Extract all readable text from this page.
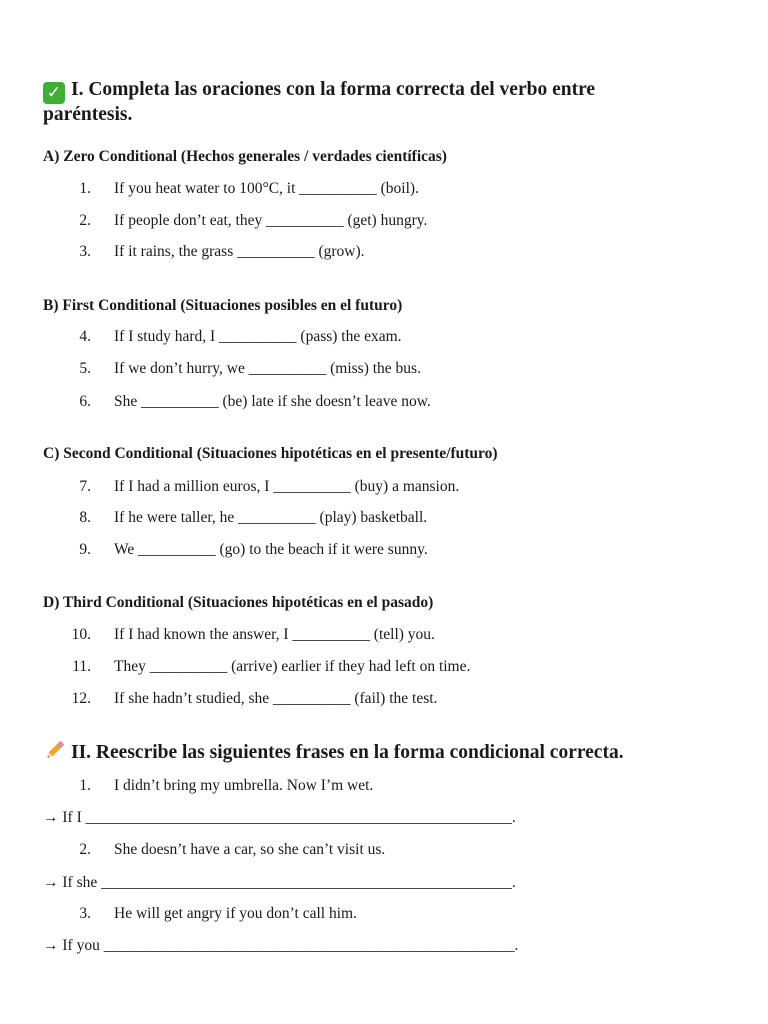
✓ I. Completa las oraciones con la forma correcta del verbo entre
paréntesis.
A) Zero Conditional (Hechos generales / verdades científicas)
1. If you heat water to 100°C, it __________ (boil).
2. If people don’t eat, they __________ (get) hungry.
3. If it rains, the grass __________ (grow).
B) First Conditional (Situaciones posibles en el futuro)
4. If I study hard, I __________ (pass) the exam.
5. If we don’t hurry, we __________ (miss) the bus.
6. She __________ (be) late if she doesn’t leave now.
C) Second Conditional (Situaciones hipotéticas en el presente/futuro)
7. If I had a million euros, I __________ (buy) a mansion.
8. If he were taller, he __________ (play) basketball.
9. We __________ (go) to the beach if it were sunny.
D) Third Conditional (Situaciones hipotéticas en el pasado)
10. If I had known the answer, I __________ (tell) you.
11. They __________ (arrive) earlier if they had left on time.
12. If she hadn’t studied, she __________ (fail) the test.
II. Reescribe las siguientes frases en la forma condicional correcta.
1. I didn’t bring my umbrella. Now I’m wet.
→ If I _______________________________________________________.
2. She doesn’t have a car, so she can’t visit us.
→ If she _____________________________________________________.
3. He will get angry if you don’t call him.
→ If you _____________________________________________________.
